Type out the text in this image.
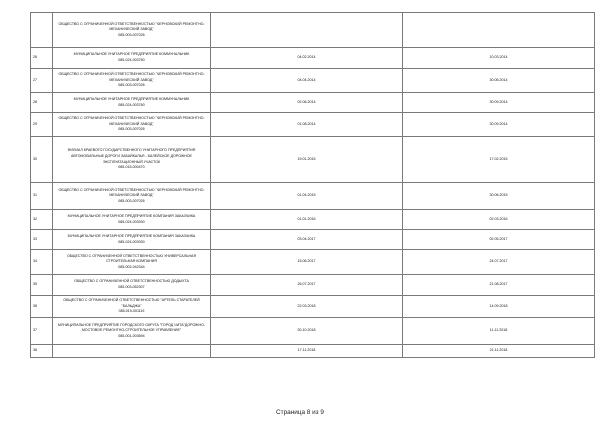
	ОБЩЕСТВО С ОГРАНИЧЕННОЙ ОТВЕТСТВЕННОСТЬЮ "ЧЕРНОВСКИЙ РЕМОНТНО-МЕХАНИЧЕСКИЙ ЗАВОД"
085-003-007026		

26	МУНИЦИПАЛЬНОЕ УНИТАРНОЕ ПРЕДПРИЯТИЕ КОММУНАЛЬНИК
085-024-003760	04.02.2014	10.03.2014
27	ОБЩЕСТВО С ОГРАНИЧЕННОЙ ОТВЕТСТВЕННОСТЬЮ "ЧЕРНОВСКИЙ РЕМОНТНО-МЕХАНИЧЕСКИЙ ЗАВОД"
085-003-007026	04.04.2014	30.06.2014
28	МУНИЦИПАЛЬНОЕ УНИТАРНОЕ ПРЕДПРИЯТИЕ КОММУНАЛЬНИК
085-024-003760	02.06.2014	30.09.2014
29	ОБЩЕСТВО С ОГРАНИЧЕННОЙ ОТВЕТСТВЕННОСТЬЮ "ЧЕРНОВСКИЙ РЕМОНТНО-МЕХАНИЧЕСКИЙ ЗАВОД"
085-003-007026	01.08.2014	30.09.2014
30	ФИЛИАЛ КРАЕВОГО ГОСУДАРСТВЕННОГО УНИТАРНОГО ПРЕДПРИЯТИЯ АВТОМОБИЛЬНЫЕ ДОРОГИ ЗАБАЙКАЛЬЯ - БАЛЕЙСКОЕ ДОРОЖНОЕ ЭКСПЛУАТАЦИОННЫЙ УЧАСТОК
085-015-000470	19.01.2015	17.02.2015
31	ОБЩЕСТВО С ОГРАНИЧЕННОЙ ОТВЕТСТВЕННОСТЬЮ "ЧЕРНОВСКИЙ РЕМОНТНО-МЕХАНИЧЕСКИЙ ЗАВОД"
085-003-007026	01.04.2015	30.06.2015
32	МУНИЦИПАЛЬНОЕ УНИТАРНОЕ ПРЕДПРИЯТИЕ КОМПАНИЯ ЗАКАЗЧИКА
085-024-003930	01.01.2016	02.03.2016
33	МУНИЦИПАЛЬНОЕ УНИТАРНОЕ ПРЕДПРИЯТИЕ КОМПАНИЯ ЗАКАЗЧИКА
085-024-003930	03.04.2017	02.05.2017
34	ОБЩЕСТВО С ОГРАНИЧЕННОЙ ОТВЕТСТВЕННОСТЬЮ УНИВЕРСАЛЬНАЯ СТРОИТЕЛЬНАЯ КОМПАНИЯ
085-002-042344	15.06.2017	24.07.2017
35	ОБЩЕСТВО С ОГРАНИЧЕННОЙ ОТВЕТСТВЕННОСТЬЮ ДОДЫХТА
085-003-052307	26.07.2017	21.08.2017
36	ОБЩЕСТВО С ОГРАНИЧЕННОЙ ОТВЕТСТВЕННОСТЬЮ "АРТЕЛЬ СТАРАТЕЛЕЙ "БАЛЬДЖА"
085-019-001119	22.03.2018	14.09.2018
37	МУНИЦИПАЛЬНОЕ ПРЕДПРИЯТИЕ ГОРОДСКОГО ОКРУГА "ГОРОД ЧИТА"ДОРОЖНО-МОСТОВОЕ РЕМОНТНО-СТРОИТЕЛЬНОЕ УПРАВЛЕНИЕ"
085-001-003694	30.10.2018	11.11.2018
38		17.11.2018	21.11.2018
Страница 8 из 9
